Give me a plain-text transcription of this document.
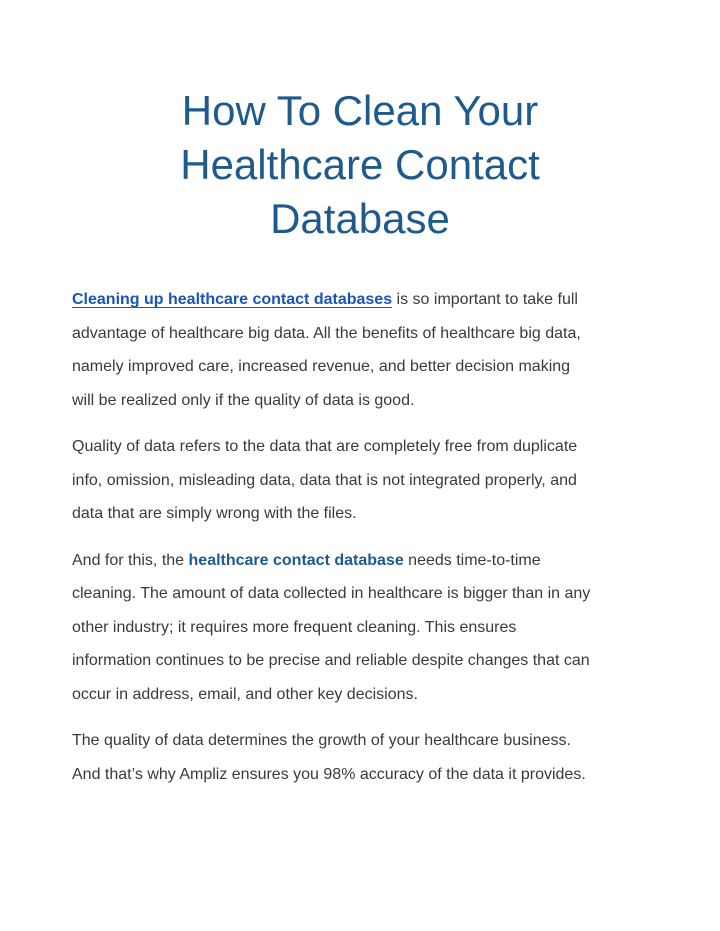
How To Clean Your
Healthcare Contact
Database

Cleaning up healthcare contact databases is so important to take full
advantage of healthcare big data. All the benefits of healthcare big data,
namely improved care, increased revenue, and better decision making
will be realized only if the quality of data is good.

Quality of data refers to the data that are completely free from duplicate
info, omission, misleading data, data that is not integrated properly, and
data that are simply wrong with the files.

And for this, the healthcare contact database needs time-to-time
cleaning. The amount of data collected in healthcare is bigger than in any
other industry; it requires more frequent cleaning. This ensures
information continues to be precise and reliable despite changes that can
occur in address, email, and other key decisions.

The quality of data determines the growth of your healthcare business.
And that’s why Ampliz ensures you 98% accuracy of the data it provides.
